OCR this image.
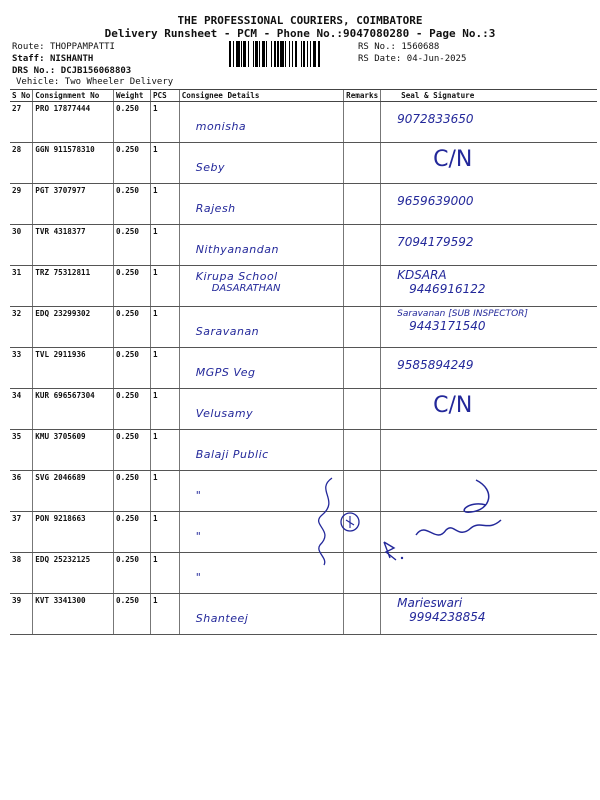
THE PROFESSIONAL COURIERS, COIMBATORE
Delivery Runsheet - PCM - Phone No.:9047080280 - Page No.:3
Route: THOPPAMPATTI
Staff: NISHANTH
DRS No.: DCJB156068803
Vehicle: Two Wheeler Delivery
RS No.: 1560688
RS Date: 04-Jun-2025
S No	Consignment No	Weight	PCS	Consignee Details	Remarks	Seal & Signature
27	PRO 17877444	0.250	1	monisha		9072833650

28	GGN 911578310	0.250	1	Seby		C/N

29	PGT 3707977	0.250	1	Rajesh		9659639000

30	TVR 4318377	0.250	1	Nithyanandan		7094179592

31	TRZ 75312811	0.250	1	Kirupa School
DASARATHAN		KDSARA
9446916122

32	EDQ 23299302	0.250	1	Saravanan		Saravanan [SUB INSPECTOR]
9443171540

33	TVL 2911936	0.250	1	MGPS Veg		9585894249

34	KUR 696567304	0.250	1	Velusamy		C/N

35	KMU 3705609	0.250	1	Balaji Public		

36	SVG 2046689	0.250	1	"		

37	PON 9218663	0.250	1	"		

38	EDQ 25232125	0.250	1	"		

39	KVT 3341300	0.250	1	Shanteej		Marieswari
9994238854
